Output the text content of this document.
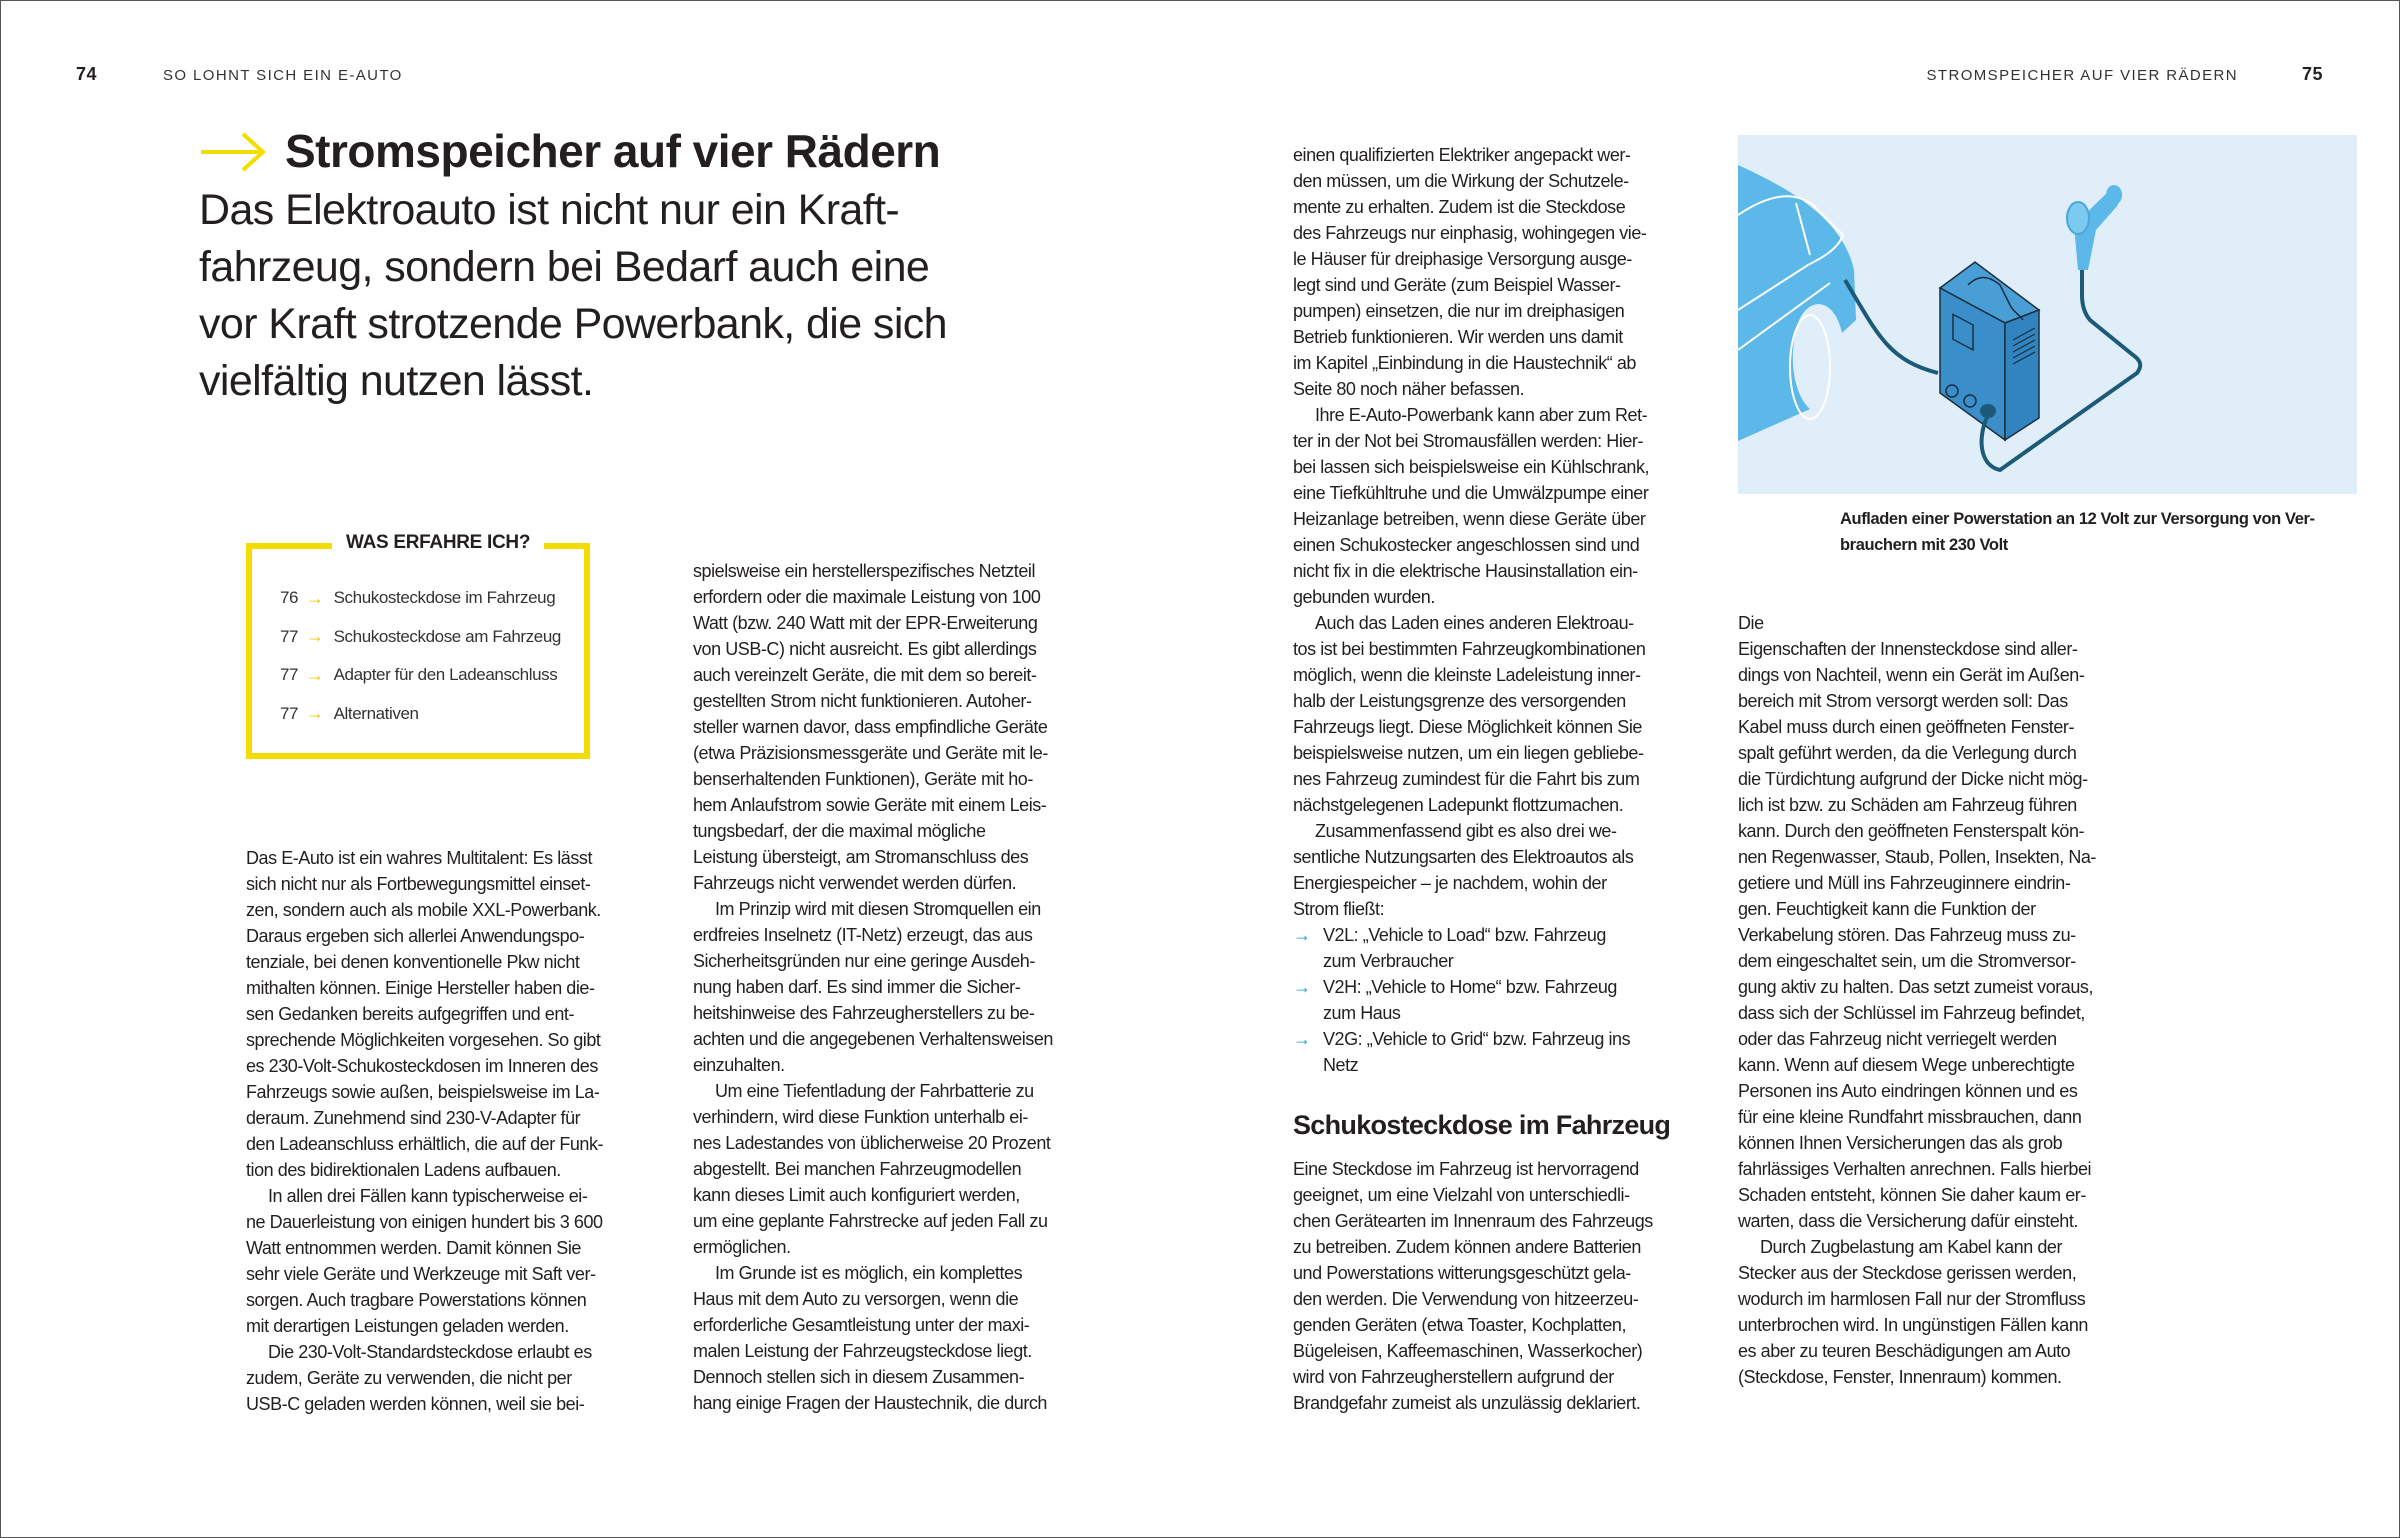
74	SO LOHNT SICH EIN E-AUTO	STROMSPEICHER AUF VIER RÄDERN	75
Stromspeicher auf vier Rädern
Das Elektroauto ist nicht nur ein Kraft-
fahrzeug, sondern bei Bedarf auch eine
vor Kraft strotzende Powerbank, die sich
vielfältig nutzen lässt.
WAS ERFAHRE ICH?
76 → Schukosteckdose im Fahrzeug
77 → Schukosteckdose am Fahrzeug
77 → Adapter für den Ladeanschluss
77 → Alternativen
Das E-Auto ist ein wahres Multitalent: Es lässt
sich nicht nur als Fortbewegungsmittel einset-
zen, sondern auch als mobile XXL-Powerbank.
Daraus ergeben sich allerlei Anwendungspo-
tenziale, bei denen konventionelle Pkw nicht
mithalten können. Einige Hersteller haben die-
sen Gedanken bereits aufgegriffen und ent-
sprechende Möglichkeiten vorgesehen. So gibt
es 230-Volt-Schukosteckdosen im Inneren des
Fahrzeugs sowie außen, beispielsweise im La-
deraum. Zunehmend sind 230-V-Adapter für
den Ladeanschluss erhältlich, die auf der Funk-
tion des bidirektionalen Ladens aufbauen.
In allen drei Fällen kann typischerweise ei-
ne Dauerleistung von einigen hundert bis 3 600
Watt entnommen werden. Damit können Sie
sehr viele Geräte und Werkzeuge mit Saft ver-
sorgen. Auch tragbare Powerstations können
mit derartigen Leistungen geladen werden.
Die 230-Volt-Standardsteckdose erlaubt es
zudem, Geräte zu verwenden, die nicht per
USB-C geladen werden können, weil sie bei-
spielsweise ein herstellerspezifisches Netzteil
erfordern oder die maximale Leistung von 100
Watt (bzw. 240 Watt mit der EPR-Erweiterung
von USB-C) nicht ausreicht. Es gibt allerdings
auch vereinzelt Geräte, die mit dem so bereit-
gestellten Strom nicht funktionieren. Autoher-
steller warnen davor, dass empfindliche Geräte
(etwa Präzisionsmessgeräte und Geräte mit le-
benserhaltenden Funktionen), Geräte mit ho-
hem Anlaufstrom sowie Geräte mit einem Leis-
tungsbedarf, der die maximal mögliche
Leistung übersteigt, am Stromanschluss des
Fahrzeugs nicht verwendet werden dürfen.
Im Prinzip wird mit diesen Stromquellen ein
erdfreies Inselnetz (IT-Netz) erzeugt, das aus
Sicherheitsgründen nur eine geringe Ausdeh-
nung haben darf. Es sind immer die Sicher-
heitshinweise des Fahrzeugherstellers zu be-
achten und die angegebenen Verhaltensweisen
einzuhalten.
Um eine Tiefentladung der Fahrbatterie zu
verhindern, wird diese Funktion unterhalb ei-
nes Ladestandes von üblicherweise 20 Prozent
abgestellt. Bei manchen Fahrzeugmodellen
kann dieses Limit auch konfiguriert werden,
um eine geplante Fahrstrecke auf jeden Fall zu
ermöglichen.
Im Grunde ist es möglich, ein komplettes
Haus mit dem Auto zu versorgen, wenn die
erforderliche Gesamtleistung unter der maxi-
malen Leistung der Fahrzeugsteckdose liegt.
Dennoch stellen sich in diesem Zusammen-
hang einige Fragen der Haustechnik, die durch
einen qualifizierten Elektriker angepackt wer-
den müssen, um die Wirkung der Schutzele-
mente zu erhalten. Zudem ist die Steckdose
des Fahrzeugs nur einphasig, wohingegen vie-
le Häuser für dreiphasige Versorgung ausge-
legt sind und Geräte (zum Beispiel Wasser-
pumpen) einsetzen, die nur im dreiphasigen
Betrieb funktionieren. Wir werden uns damit
im Kapitel „Einbindung in die Haustechnik“ ab
Seite 80 noch näher befassen.
Ihre E-Auto-Powerbank kann aber zum Ret-
ter in der Not bei Stromausfällen werden: Hier-
bei lassen sich beispielsweise ein Kühlschrank,
eine Tiefkühltruhe und die Umwälzpumpe einer
Heizanlage betreiben, wenn diese Geräte über
einen Schukostecker angeschlossen sind und
nicht fix in die elektrische Hausinstallation ein-
gebunden wurden.
Auch das Laden eines anderen Elektroau-
tos ist bei bestimmten Fahrzeugkombinationen
möglich, wenn die kleinste Ladeleistung inner-
halb der Leistungsgrenze des versorgenden
Fahrzeugs liegt. Diese Möglichkeit können Sie
beispielsweise nutzen, um ein liegen gebliebe-
nes Fahrzeug zumindest für die Fahrt bis zum
nächstgelegenen Ladepunkt flottzumachen.
Zusammenfassend gibt es also drei we-
sentliche Nutzungsarten des Elektroautos als
Energiespeicher – je nachdem, wohin der
Strom fließt:
→ V2L: „Vehicle to Load“ bzw. Fahrzeug
zum Verbraucher
→ V2H: „Vehicle to Home“ bzw. Fahrzeug
zum Haus
→ V2G: „Vehicle to Grid“ bzw. Fahrzeug ins
Netz
Schukosteckdose im Fahrzeug
Eine Steckdose im Fahrzeug ist hervorragend
geeignet, um eine Vielzahl von unterschiedli-
chen Gerätearten im Innenraum des Fahrzeugs
zu betreiben. Zudem können andere Batterien
und Powerstations witterungsgeschützt gela-
den werden. Die Verwendung von hitzeerzeu-
genden Geräten (etwa Toaster, Kochplatten,
Bügeleisen, Kaffeemaschinen, Wasserkocher)
wird von Fahrzeugherstellern aufgrund der
Brandgefahr zumeist als unzulässig deklariert.
Die
Eigenschaften der Innensteckdose sind aller-
dings von Nachteil, wenn ein Gerät im Außen-
bereich mit Strom versorgt werden soll: Das
Kabel muss durch einen geöffneten Fenster-
spalt geführt werden, da die Verlegung durch
die Türdichtung aufgrund der Dicke nicht mög-
lich ist bzw. zu Schäden am Fahrzeug führen
kann. Durch den geöffneten Fensterspalt kön-
nen Regenwasser, Staub, Pollen, Insekten, Na-
getiere und Müll ins Fahrzeuginnere eindrin-
gen. Feuchtigkeit kann die Funktion der
Verkabelung stören. Das Fahrzeug muss zu-
dem eingeschaltet sein, um die Stromversor-
gung aktiv zu halten. Das setzt zumeist voraus,
dass sich der Schlüssel im Fahrzeug befindet,
oder das Fahrzeug nicht verriegelt werden
kann. Wenn auf diesem Wege unberechtigte
Personen ins Auto eindringen können und es
für eine kleine Rundfahrt missbrauchen, dann
können Ihnen Versicherungen das als grob
fahrlässiges Verhalten anrechnen. Falls hierbei
Schaden entsteht, können Sie daher kaum er-
warten, dass die Versicherung dafür einsteht.
Durch Zugbelastung am Kabel kann der
Stecker aus der Steckdose gerissen werden,
wodurch im harmlosen Fall nur der Stromfluss
unterbrochen wird. In ungünstigen Fällen kann
es aber zu teuren Beschädigungen am Auto
(Steckdose, Fenster, Innenraum) kommen.
Aufladen einer Powerstation an 12 Volt zur Versorgung von Ver-
brauchern mit 230 Volt
